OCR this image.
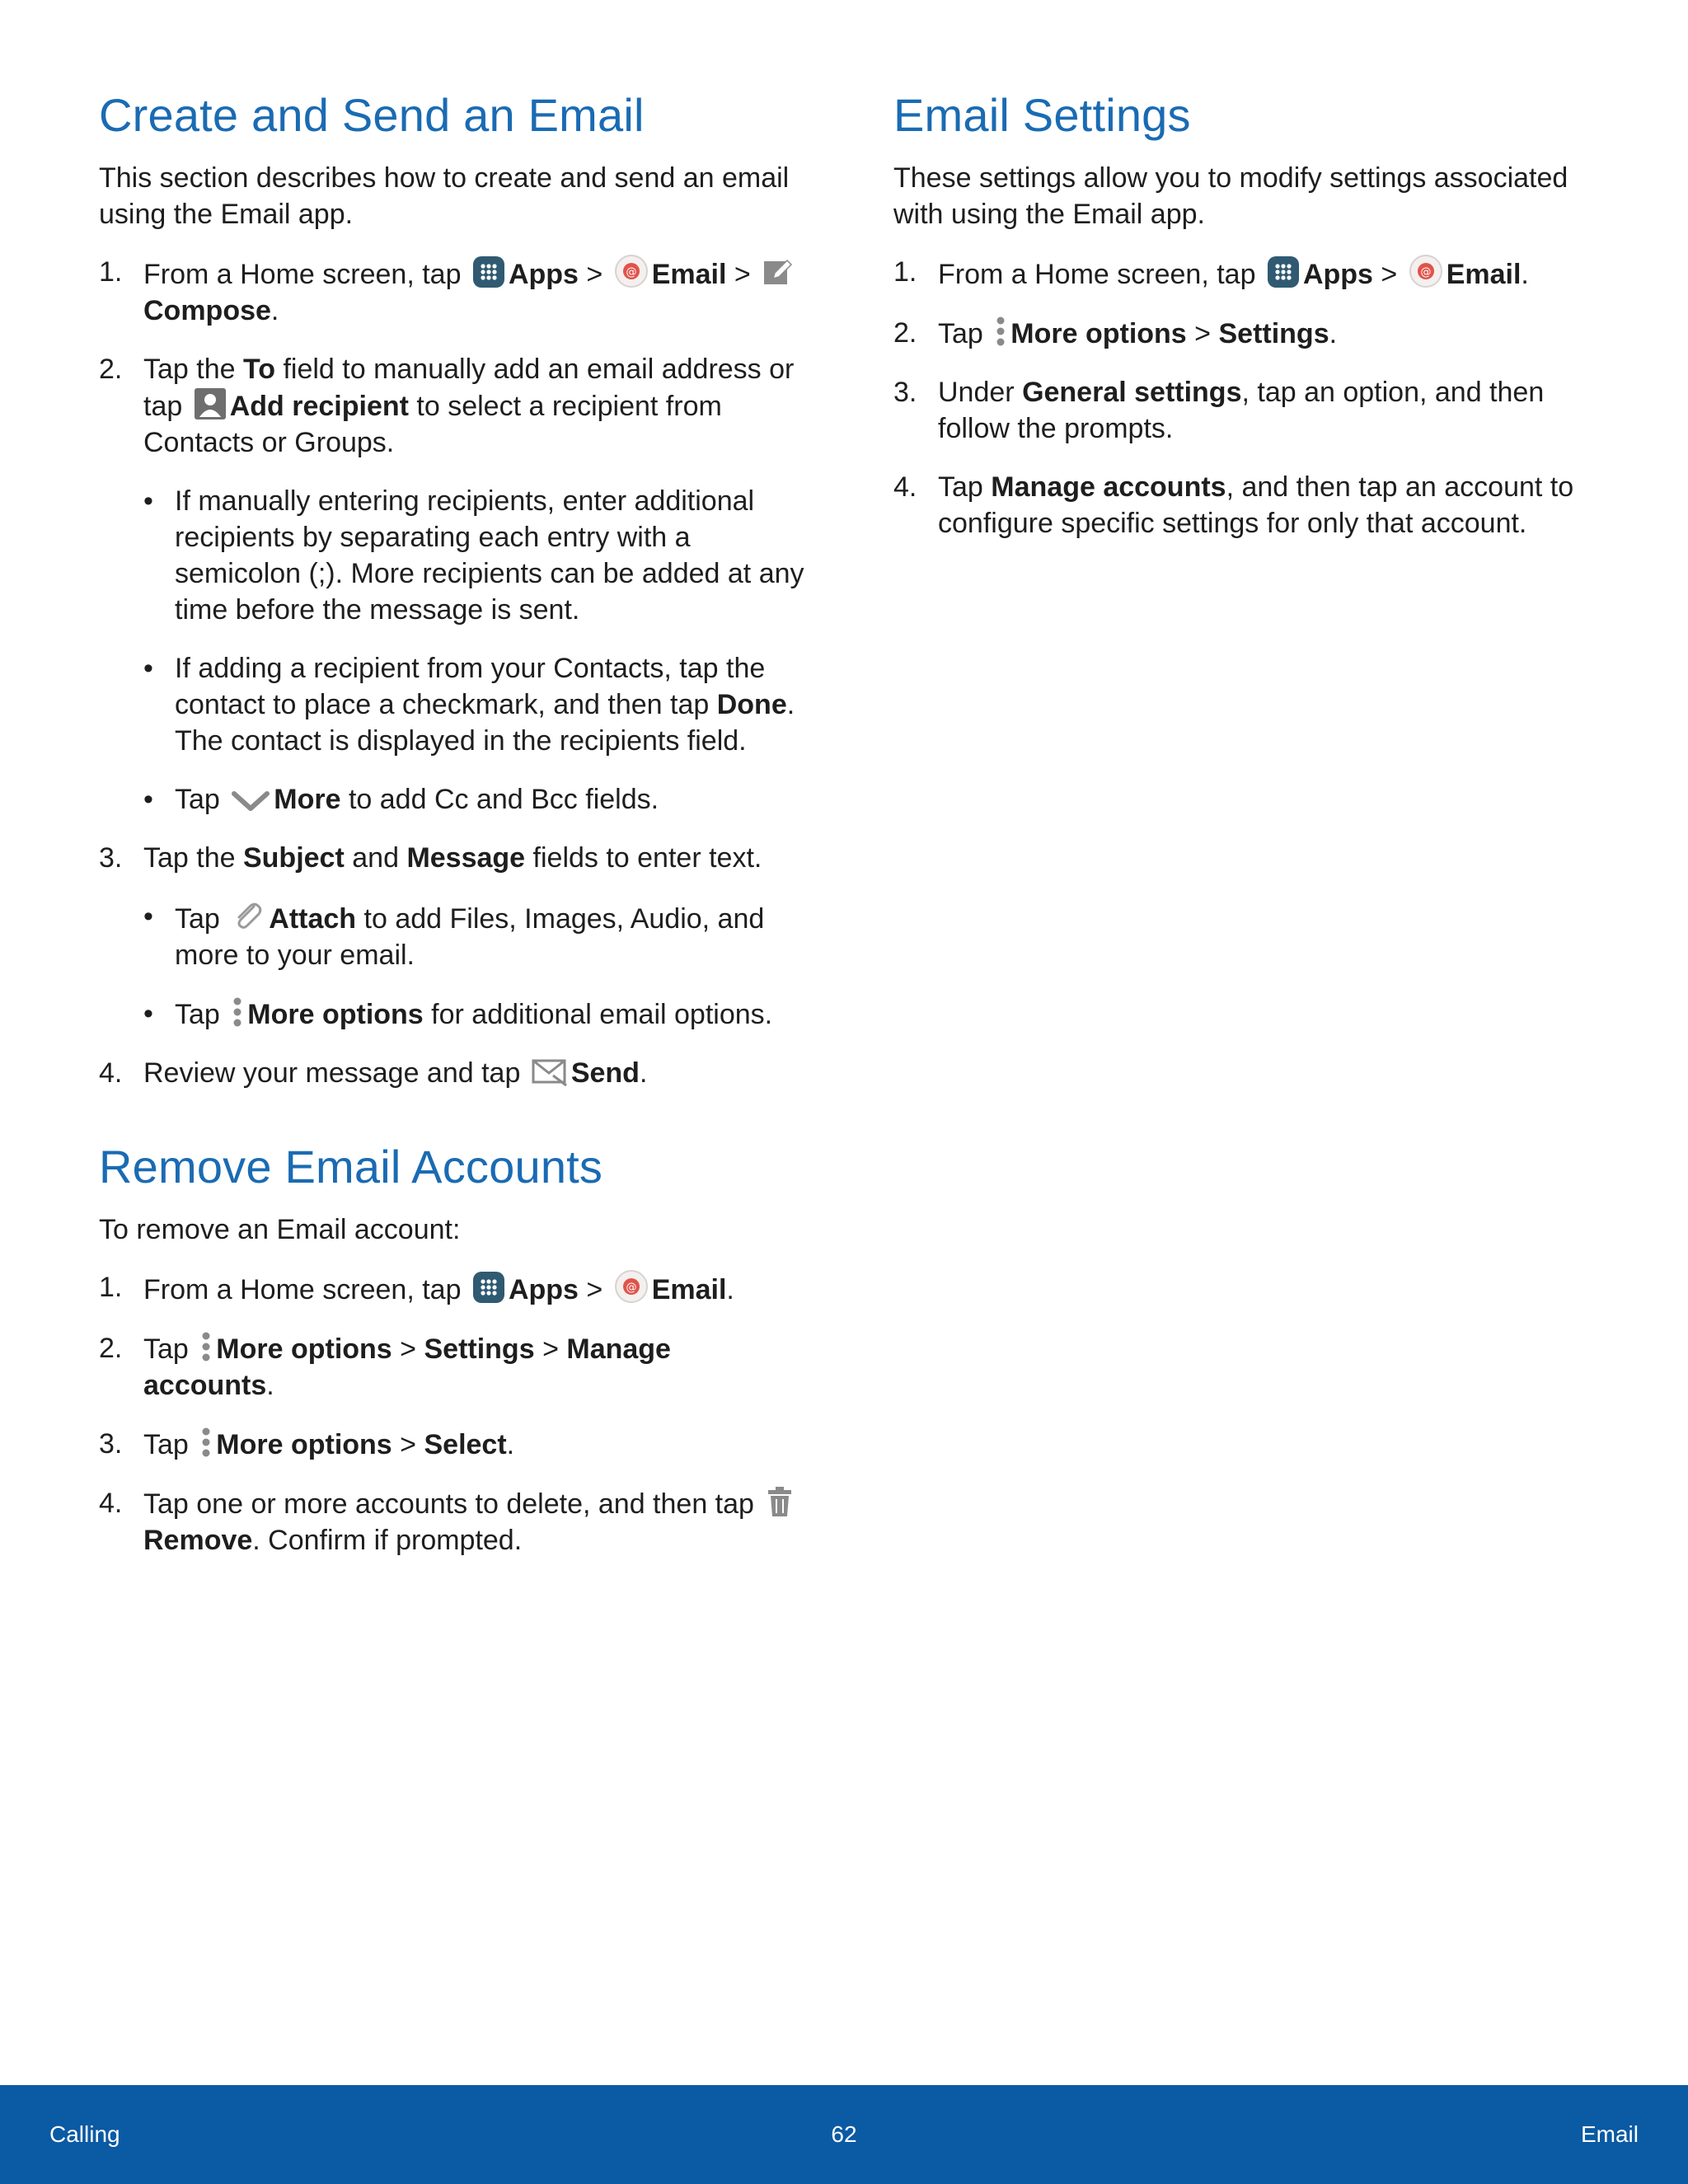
Create and Send an Email

This section describes how to create and send an email using the Email app.

1. From a Home screen, tap Apps > @ Email >
Compose.
2. Tap the To field to manually add an email address or tap Add recipient to select a recipient from Contacts or Groups.
• If manually entering recipients, enter additional recipients by separating each entry with a semicolon (;). More recipients can be added at any time before the message is sent.
• If adding a recipient from your Contacts, tap the contact to place a checkmark, and then tap Done. The contact is displayed in the recipients field.
• Tap More to add Cc and Bcc fields.
3. Tap the Subject and Message fields to enter text.
• Tap Attach to add Files, Images, Audio, and more to your email.
• Tap More options for additional email options.
4. Review your message and tap Send.
Remove Email Accounts

To remove an Email account:

1. From a Home screen, tap Apps > @ Email.
2. Tap More options > Settings > Manage accounts.
3. Tap More options > Select.
4. Tap one or more accounts to delete, and then tap
Remove. Confirm if prompted.
Email Settings

These settings allow you to modify settings associated with using the Email app.

1. From a Home screen, tap Apps > @ Email.
2. Tap More options > Settings.
3. Under General settings, tap an option, and then follow the prompts.
4. Tap Manage accounts, and then tap an account to configure specific settings for only that account.
62
Calling	Email
